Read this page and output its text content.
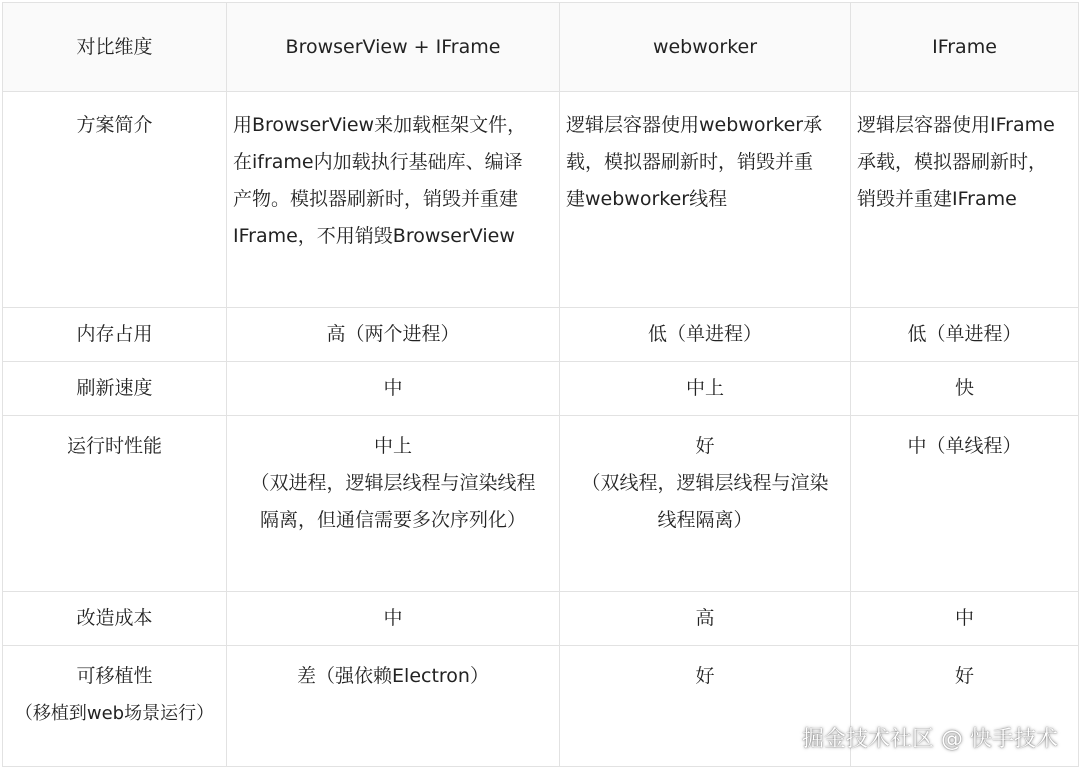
对比维度	BrowserView + IFrame	webworker	IFrame

方案简介	用BrowserView来加载框架文件，
在iframe内加载执行基础库、编译
产物。模拟器刷新时，销毁并重建
IFrame，不用销毁BrowserView	逻辑层容器使用webworker承
载，模拟器刷新时，销毁并重
建webworker线程	逻辑层容器使用IFrame
承载，模拟器刷新时，
销毁并重建IFrame

内存占用	高（两个进程）	低（单进程）	低（单进程）

刷新速度	中	中上	快

运行时性能	中上
（双进程，逻辑层线程与渲染线程
隔离，但通信需要多次序列化）	好
（双线程，逻辑层线程与渲染
线程隔离）	中（单线程）

改造成本	中	高	中

可移植性
（移植到web场景运行）	差（强依赖Electron）	好	好
掘金技术社区 @ 快手技术
